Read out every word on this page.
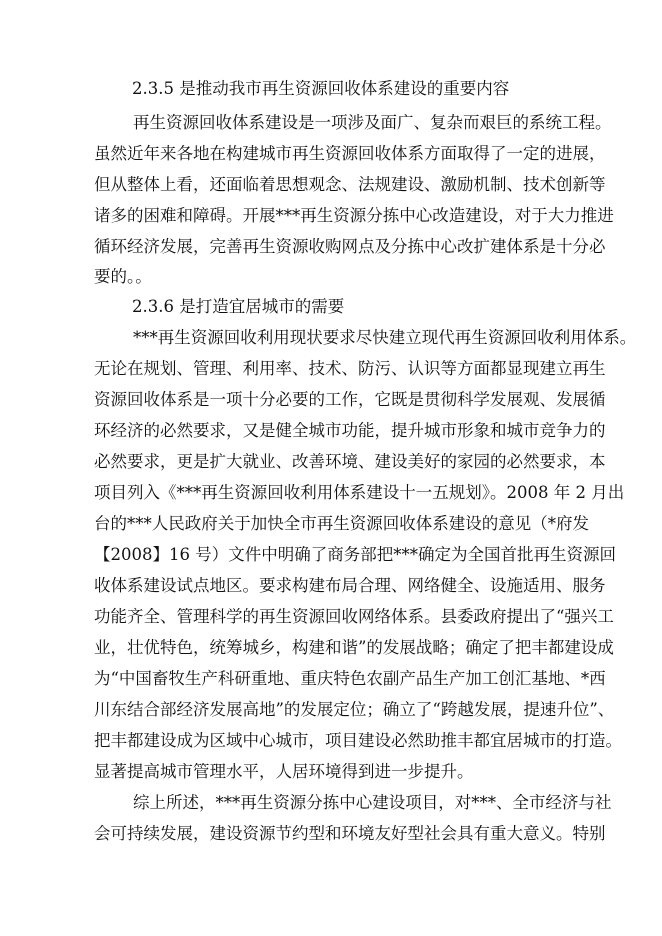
2.3.5 是推动我市再生资源回收体系建设的重要内容
再生资源回收体系建设是一项涉及面广、复杂而艰巨的系统工程。
虽然近年来各地在构建城市再生资源回收体系方面取得了一定的进展，
但从整体上看，还面临着思想观念、法规建设、激励机制、技术创新等
诸多的困难和障碍。开展***再生资源分拣中心改造建设，对于大力推进
循环经济发展，完善再生资源收购网点及分拣中心改扩建体系是十分必
要的。。
2.3.6 是打造宜居城市的需要
***再生资源回收利用现状要求尽快建立现代再生资源回收利用体系。
无论在规划、管理、利用率、技术、防污、认识等方面都显现建立再生
资源回收体系是一项十分必要的工作，它既是贯彻科学发展观、发展循
环经济的必然要求，又是健全城市功能，提升城市形象和城市竞争力的
必然要求，更是扩大就业、改善环境、建设美好的家园的必然要求，本
项目列入《***再生资源回收利用体系建设十一五规划》。2008 年 2 月出
台的***人民政府关于加快全市再生资源回收体系建设的意见（*府发
【2008】16 号）文件中明确了商务部把***确定为全国首批再生资源回
收体系建设试点地区。要求构建布局合理、网络健全、设施适用、服务
功能齐全、管理科学的再生资源回收网络体系。县委政府提出了“强兴工
业，壮优特色，统筹城乡，构建和谐”的发展战略；确定了把丰都建设成
为“中国畜牧生产科研重地、重庆特色农副产品生产加工创汇基地、*西
川东结合部经济发展高地”的发展定位；确立了“跨越发展，提速升位”、
把丰都建设成为区域中心城市，项目建设必然助推丰都宜居城市的打造。
显著提高城市管理水平，人居环境得到进一步提升。
综上所述，***再生资源分拣中心建设项目，对***、全市经济与社
会可持续发展，建设资源节约型和环境友好型社会具有重大意义。特别
